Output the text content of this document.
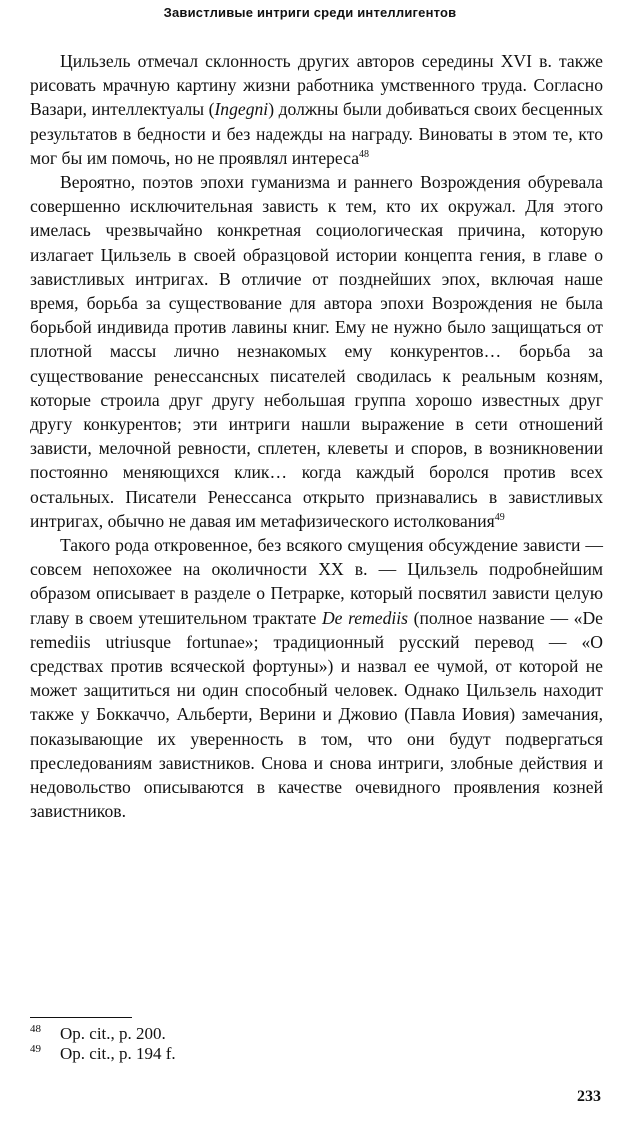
Завистливые интриги среди интеллигентов

Цильзель отмечал склонность других авторов середины XVI в. также рисовать мрачную картину жизни работника умственного труда. Согласно Вазари, интеллектуалы (Ingegni) должны были добиваться своих бесценных результатов в бедности и без надежды на награду. Виноваты в этом те, кто мог бы им помочь, но не проявлял интереса$^{48}$

Вероятно, поэтов эпохи гуманизма и раннего Возрождения обуревала совершенно исключительная зависть к тем, кто их окружал. Для этого имелась чрезвычайно конкретная социологическая причина, которую излагает Цильзель в своей образцовой истории концепта гения, в главе о завистливых интригах. В отличие от позднейших эпох, включая наше время, борьба за существование для автора эпохи Возрождения не была борьбой индивида против лавины книг. Ему не нужно было защищаться от плотной массы лично незнакомых ему конкурентов… борьба за существование ренессансных писателей сводилась к реальным козням, которые строила друг другу небольшая группа хорошо известных друг другу конкурентов; эти интриги нашли выражение в сети отношений зависти, мелочной ревности, сплетен, клеветы и споров, в возникновении постоянно меняющихся клик… когда каждый боролся против всех остальных. Писатели Ренессанса открыто признавались в завистливых интригах, обычно не давая им метафизического истолкования$^{49}$

Такого рода откровенное, без всякого смущения обсуждение зависти — совсем непохожее на околичности XX в. — Цильзель подробнейшим образом описывает в разделе о Петрарке, который посвятил зависти целую главу в своем утешительном трактате De remediis (полное название — «De remediis utriusque fortunae»; традиционный русский перевод — «О средствах против всяческой фортуны») и назвал ее чумой, от которой не может защититься ни один способный человек. Однако Цильзель находит также у Боккаччо, Альберти, Верини и Джовио (Павла Иовия) замечания, показывающие их уверенность в том, что они будут подвергаться преследованиям завистников. Снова и снова интриги, злобные действия и недовольство описываются в качестве очевидного проявления козней завистников.

48	Op. cit., p. 200.
49	Op. cit., p. 194 f.
233
